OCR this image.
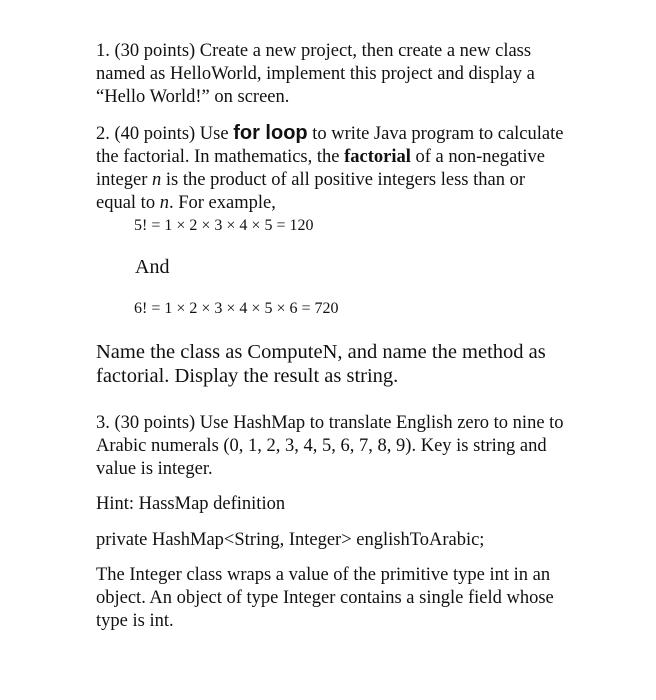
1. (30 points) Create a new project, then create a new class named as HelloWorld, implement this project and display a “Hello World!” on screen.

2. (40 points) Use for loop to write Java program to calculate the factorial. In mathematics, the factorial of a non-negative integer n is the product of all positive integers less than or equal to n. For example,

5! = 1 × 2 × 3 × 4 × 5 = 120
And
6! = 1 × 2 × 3 × 4 × 5 × 6 = 720

Name the class as ComputeN, and name the method as factorial. Display the result as string.

3. (30 points) Use HashMap to translate English zero to nine to Arabic numerals (0, 1, 2, 3, 4, 5, 6, 7, 8, 9). Key is string and value is integer.

Hint: HassMap definition

private HashMap<String, Integer> englishToArabic;

The Integer class wraps a value of the primitive type int in an object. An object of type Integer contains a single field whose type is int.
